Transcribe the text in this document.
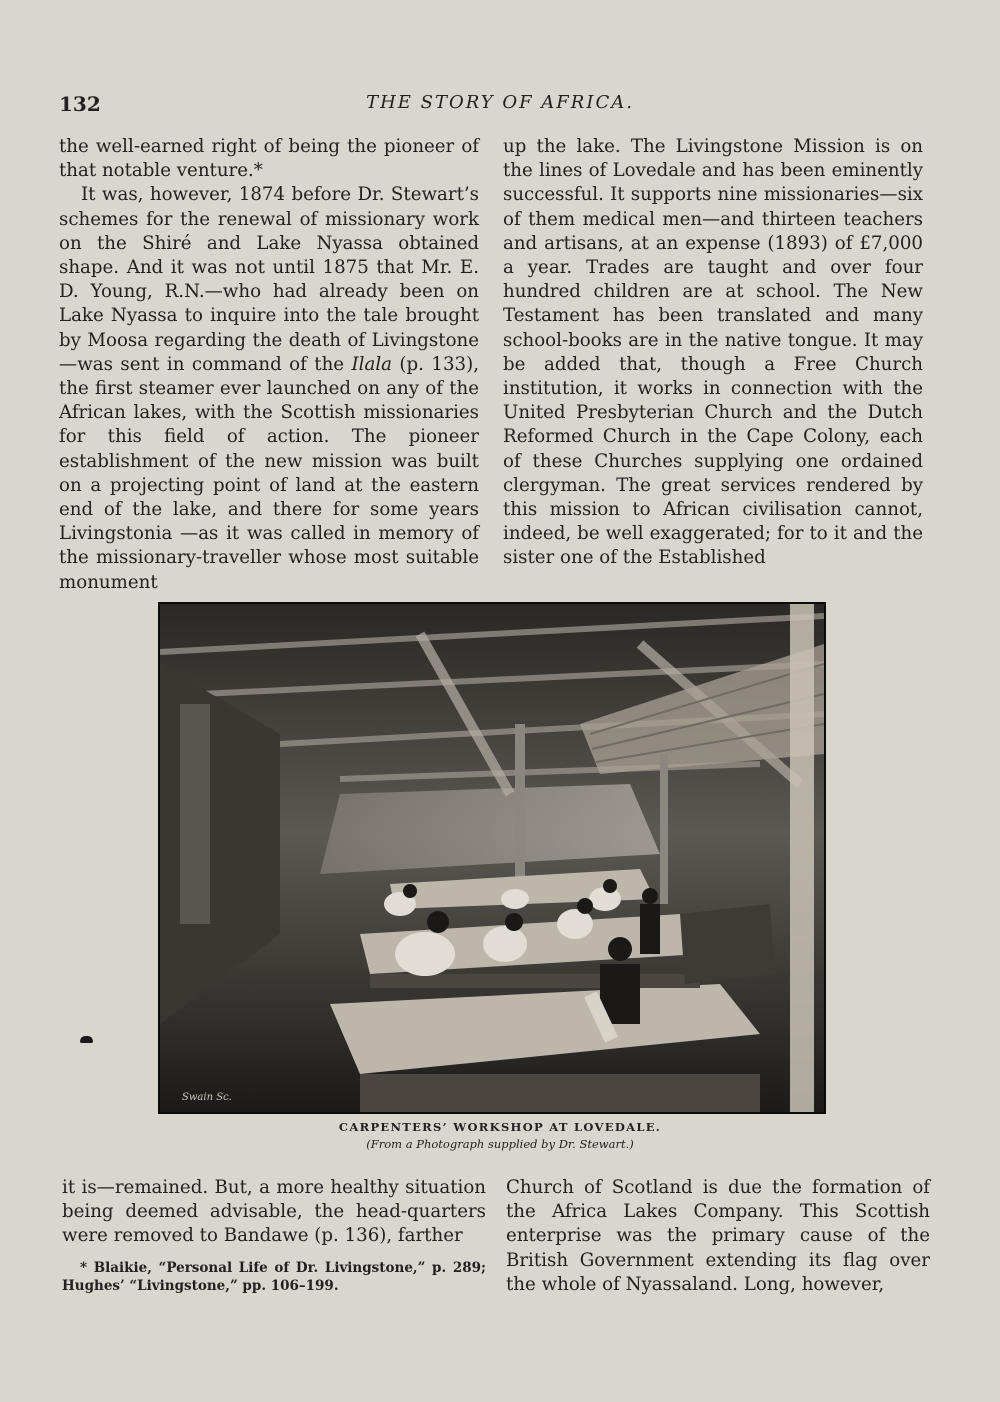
132	THE STORY OF AFRICA.

the well-earned right of being the pioneer of that notable venture.*

It was, however, 1874 before Dr. Stewart’s schemes for the renewal of missionary work on the Shiré and Lake Nyassa obtained shape. And it was not until 1875 that Mr. E. D. Young, R.N.—who had already been on Lake Nyassa to inquire into the tale brought by Moosa regarding the death of Livingstone—was sent in command of the Ilala (p. 133), the first steamer ever launched on any of the African lakes, with the Scottish missionaries for this field of action. The pioneer establishment of the new mission was built on a projecting point of land at the eastern end of the lake, and there for some years Livingstonia —as it was called in memory of the missionary-traveller whose most suitable monument

up the lake. The Livingstone Mission is on the lines of Lovedale and has been eminently successful. It supports nine missionaries—six of them medical men—and thirteen teachers and artisans, at an expense (1893) of £7,000 a year. Trades are taught and over four hundred children are at school. The New Testament has been translated and many school-books are in the native tongue. It may be added that, though a Free Church institution, it works in connection with the United Presbyterian Church and the Dutch Reformed Church in the Cape Colony, each of these Churches supplying one ordained clergyman. The great services rendered by this mission to African civilisation cannot, indeed, be well exaggerated; for to it and the sister one of the Established

Swain Sc.
CARPENTERS’ WORKSHOP AT LOVEDALE.
(From a Photograph supplied by Dr. Stewart.)

it is—remained. But, a more healthy situation being deemed advisable, the head-quarters were removed to Bandawe (p. 136), farther

* Blaikie, “Personal Life of Dr. Livingstone,” p. 289; Hughes’ “Livingstone,” pp. 106–199.

Church of Scotland is due the formation of the Africa Lakes Company. This Scottish enterprise was the primary cause of the British Government extending its flag over the whole of Nyassaland. Long, however,
